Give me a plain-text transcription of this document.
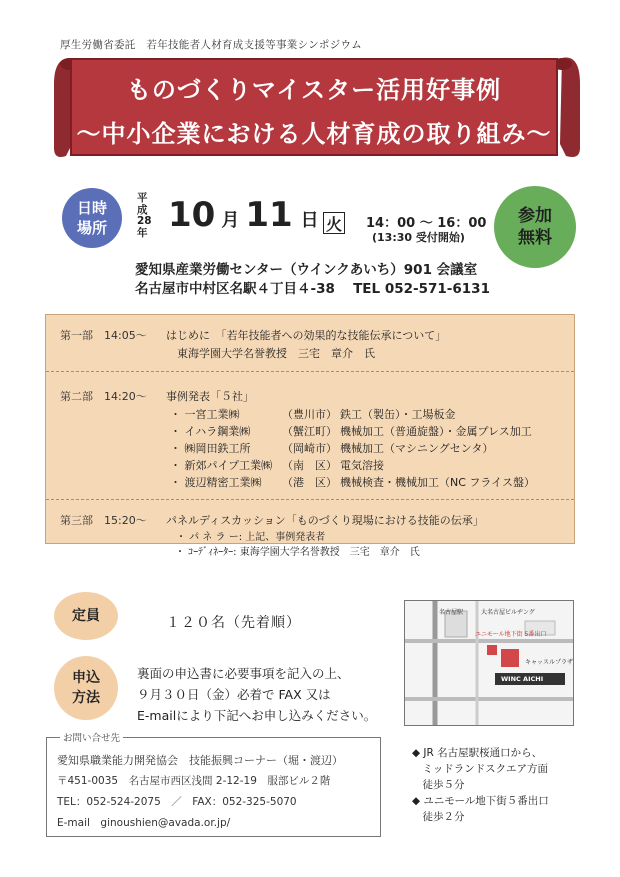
厚生労働省委託　若年技能者人材育成支援等事業シンポジウム
ものづくりマイスター活用好事例
～中小企業における人材育成の取り組み～
日時
場所
平成28年 10 月 11 日 火 14：00 ～ 16：00
(13:30 受付開始)
参加
無料
愛知県産業労働センター（ウインクあいち）901 会議室
名古屋市中村区名駅４丁目４-38　 TEL 052-571-6131
第一部　14:05～ はじめに　「若年技能者への効果的な技能伝承について」
　東海学園大学名誉教授　三宅　章介　氏
第二部　14:20～ 事例発表「５社」
・ 一宮工業㈱	（豊川市） 鉄工（製缶）・工場板金
・ イハラ鋼業㈱	（蟹江町） 機械加工（普通旋盤）・金属プレス加工
・ ㈱岡田鉄工所	（岡崎市） 機械加工（マシニングセンタ）
・ 新郊パイプ工業㈱ （南　区） 電気溶接
・ 渡辺精密工業㈱ （港　区） 機械検査・機械加工（NC フライス盤）
第三部　15:20～ パネルディスカッション「ものづくり現場における技能の伝承」
　・ パ ネ ラ ー: 上記、事例発表者
　・ ｺｰﾃﾞｨﾈｰﾀｰ: 東海学園大学名誉教授　三宅　章介　氏
定員	１２０名（先着順）
申込
方法
裏面の申込書に必要事項を記入の上、
９月３０日（金）必着で FAX 又は
E-mailにより下記へお申し込みください。
愛知県職業能力開発協会　技能振興コーナー（堀・渡辺）
〒451-0035　名古屋市西区浅間 2-12-19　服部ビル２階
TEL：052-524-2075　／　FAX：052-325-5070
E-mail　ginoushien@avada.or.jp/
お問い合せ先
名古屋駅
ユニモール地下街 5番出口
WINC AICHI
大名古屋ビルヂング
キャッスルプラザ
◆ JR 名古屋駅桜通口から、
　ミッドランドスクエア方面
　徒歩５分
◆ ユニモール地下街５番出口
　徒歩２分
